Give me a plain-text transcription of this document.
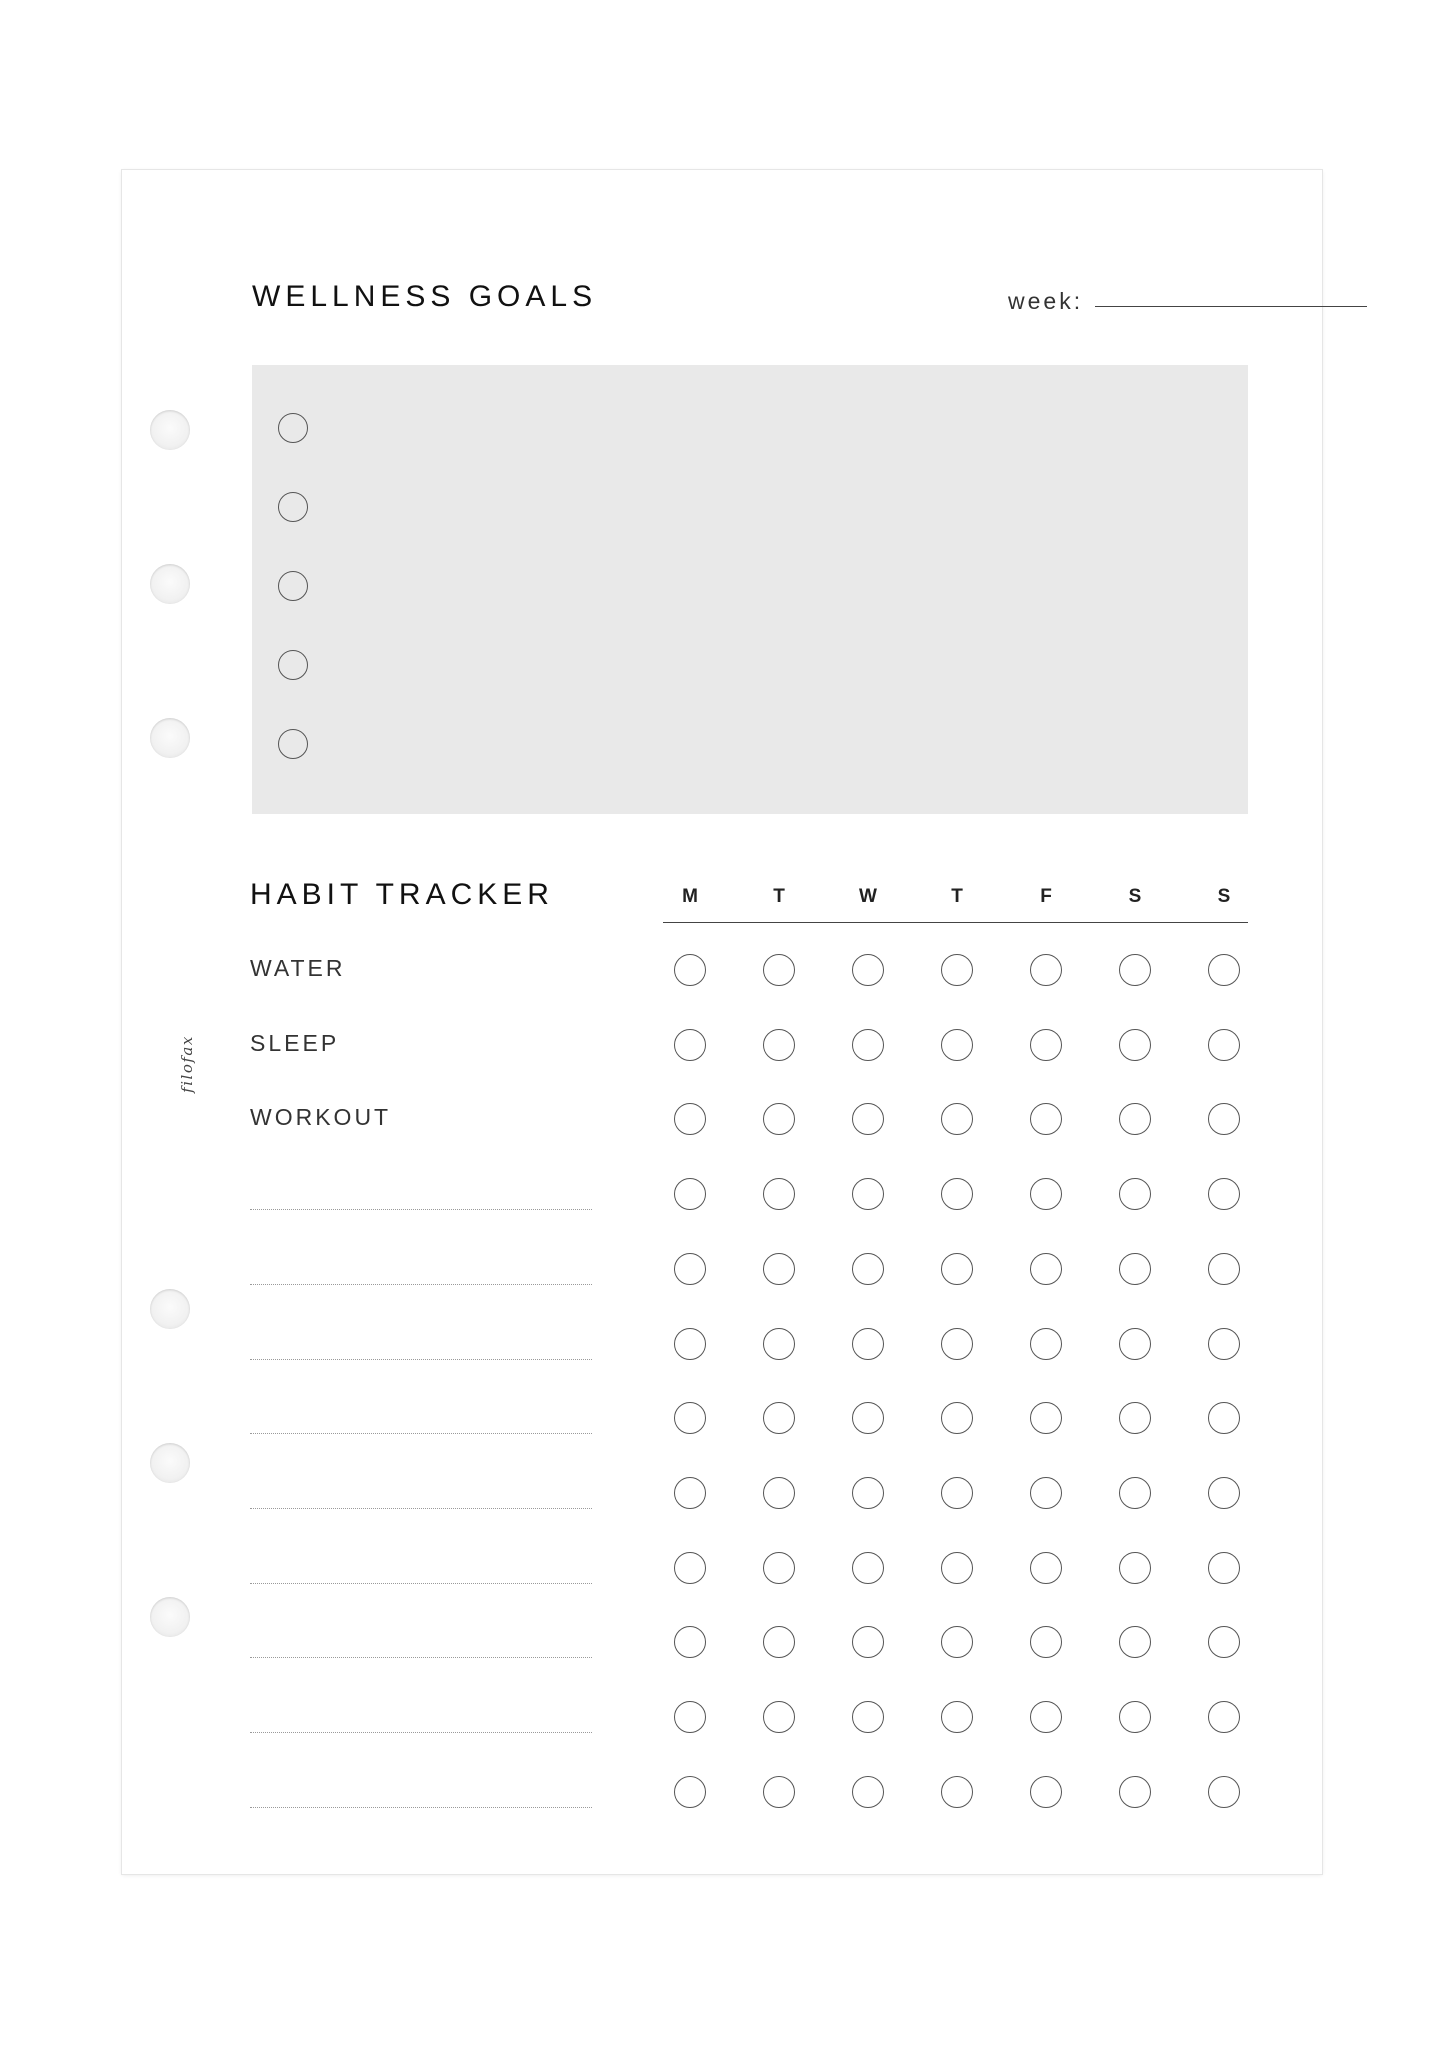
WELLNESS GOALS	week:
HABIT TRACKER	M	T	W	T	F	S	S
WATER
SLEEP
WORKOUT
filofax
